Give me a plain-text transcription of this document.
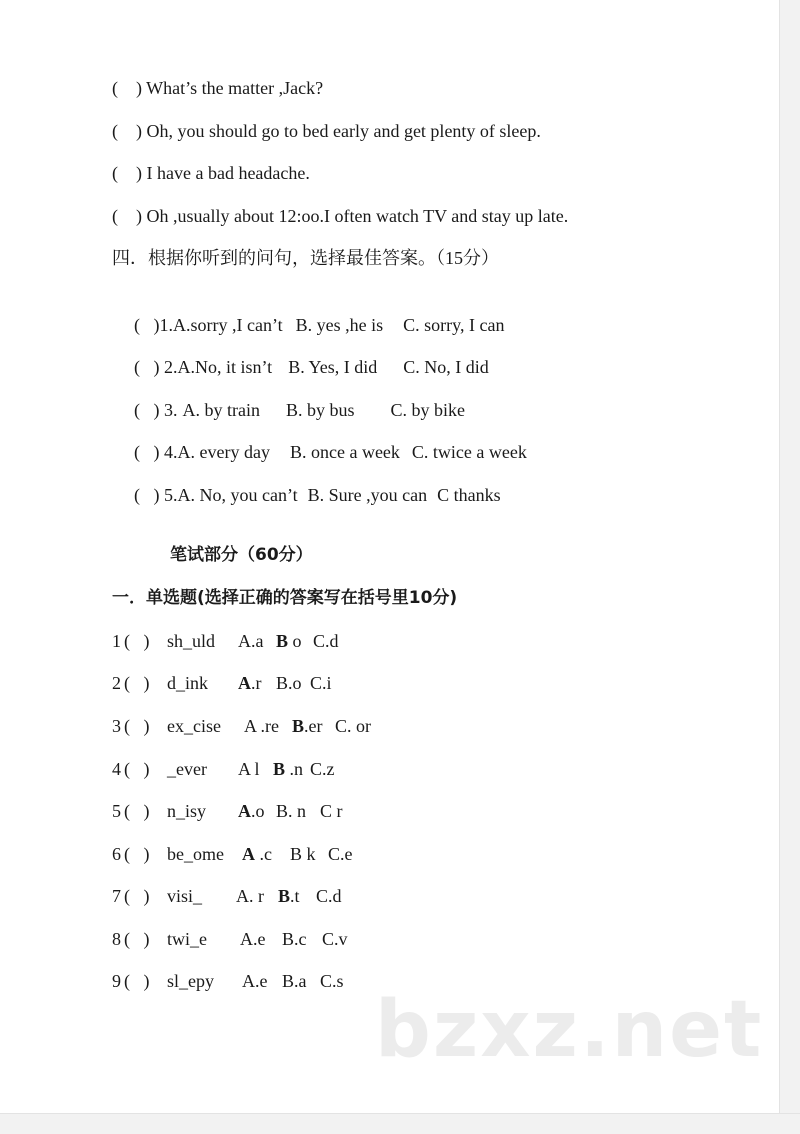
(    ) What’s the matter ,Jack?
(    ) Oh, you should go to bed early and get plenty of sleep.
(    ) I have a bad headache.
(    ) Oh ,usually about 12:oo.I often watch TV and stay up late.
四．根据你听到的问句，选择最佳答案。（15分）

(   )1.A.sorry ,I can’t B. yes ,he is C. sorry, I can

(   ) 2.A.No, it isn’t B. Yes, I did C. No, I did

(   ) 3. A. by train B. by bus C. by bike

(   ) 4.A. every day B. once a week C. twice a week

(   ) 5.A. No, you can’t B. Sure ,you can C thanks

笔试部分（60分）
一．单选题(选择正确的答案写在括号里10分)
1 (   ) sh_uld A.a B o C.d
2 (   ) d_ink A.r B.o C.i
3 (   ) ex_cise A .re B.er C. or
4 (   ) _ever A l B .n C.z
5 (   ) n_isy A.o B. n C r
6 (   ) be_ome A .c B k C.e
7 (   ) visi_ A. r B.t C.d
8 (   ) twi_e A.e B.c C.v
9 (   ) sl_epy A.e B.a C.s
bzxz.net
